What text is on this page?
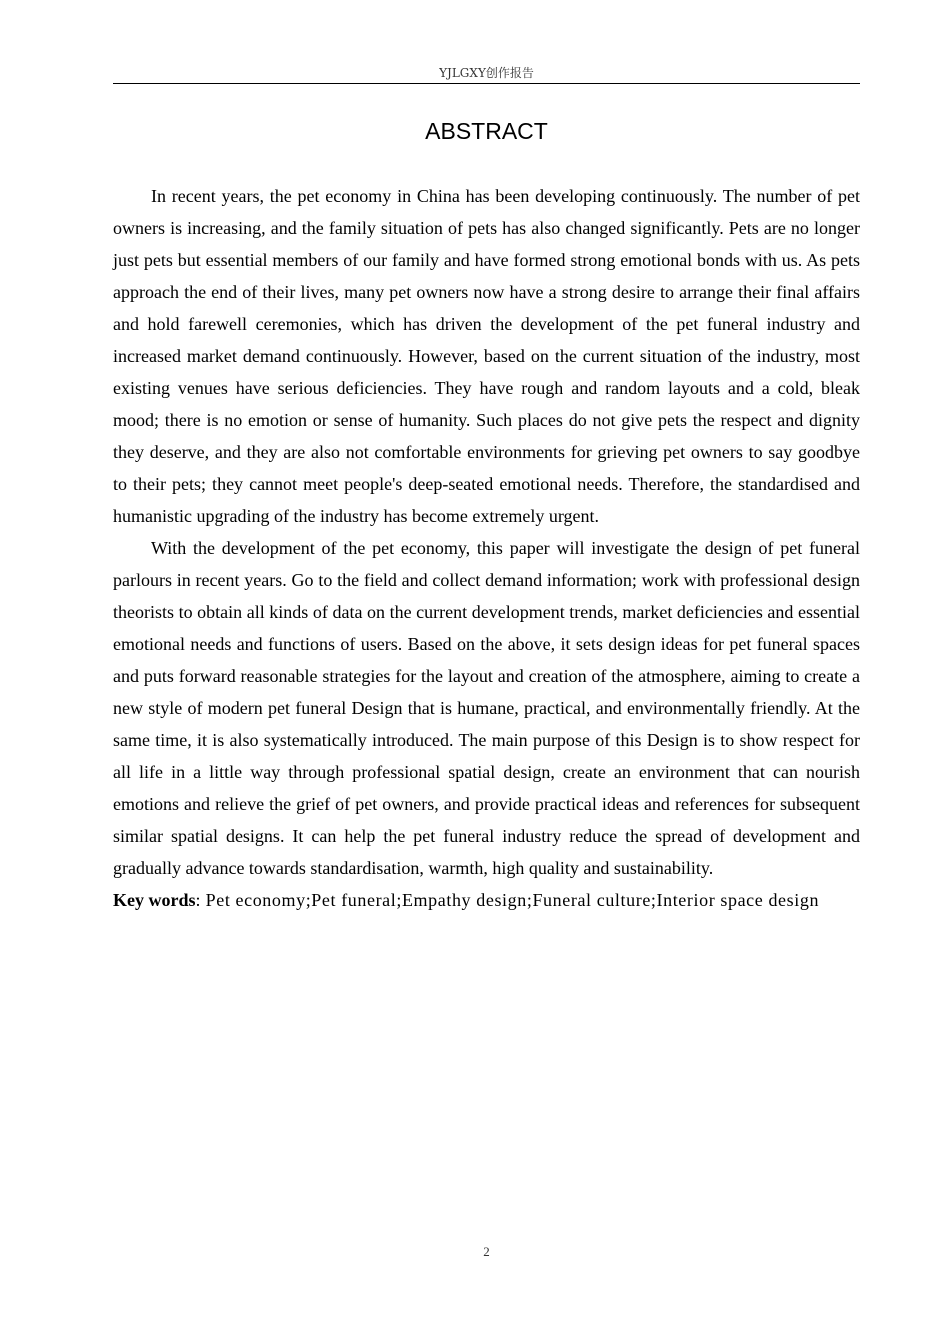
YJLGXY创作报告
ABSTRACT

In recent years, the pet economy in China has been developing continuously. The number of pet owners is increasing, and the family situation of pets has also changed significantly. Pets are no longer just pets but essential members of our family and have formed strong emotional bonds with us. As pets approach the end of their lives, many pet owners now have a strong desire to arrange their final affairs and hold farewell ceremonies, which has driven the development of the pet funeral industry and increased market demand continuously. However, based on the current situation of the industry, most existing venues have serious deficiencies. They have rough and random layouts and a cold, bleak mood; there is no emotion or sense of humanity. Such places do not give pets the respect and dignity they deserve, and they are also not comfortable environments for grieving pet owners to say goodbye to their pets; they cannot meet people's deep-seated emotional needs. Therefore, the standardised and humanistic upgrading of the industry has become extremely urgent.

With the development of the pet economy, this paper will investigate the design of pet funeral parlours in recent years. Go to the field and collect demand information; work with professional design theorists to obtain all kinds of data on the current development trends, market deficiencies and essential emotional needs and functions of users. Based on the above, it sets design ideas for pet funeral spaces and puts forward reasonable strategies for the layout and creation of the atmosphere, aiming to create a new style of modern pet funeral Design that is humane, practical, and environmentally friendly. At the same time, it is also systematically introduced. The main purpose of this Design is to show respect for all life in a little way through professional spatial design, create an environment that can nourish emotions and relieve the grief of pet owners, and provide practical ideas and references for subsequent similar spatial designs. It can help the pet funeral industry reduce the spread of development and gradually advance towards standardisation, warmth, high quality and sustainability.

Key words: Pet economy;Pet funeral;Empathy design;Funeral culture;Interior space design

2
